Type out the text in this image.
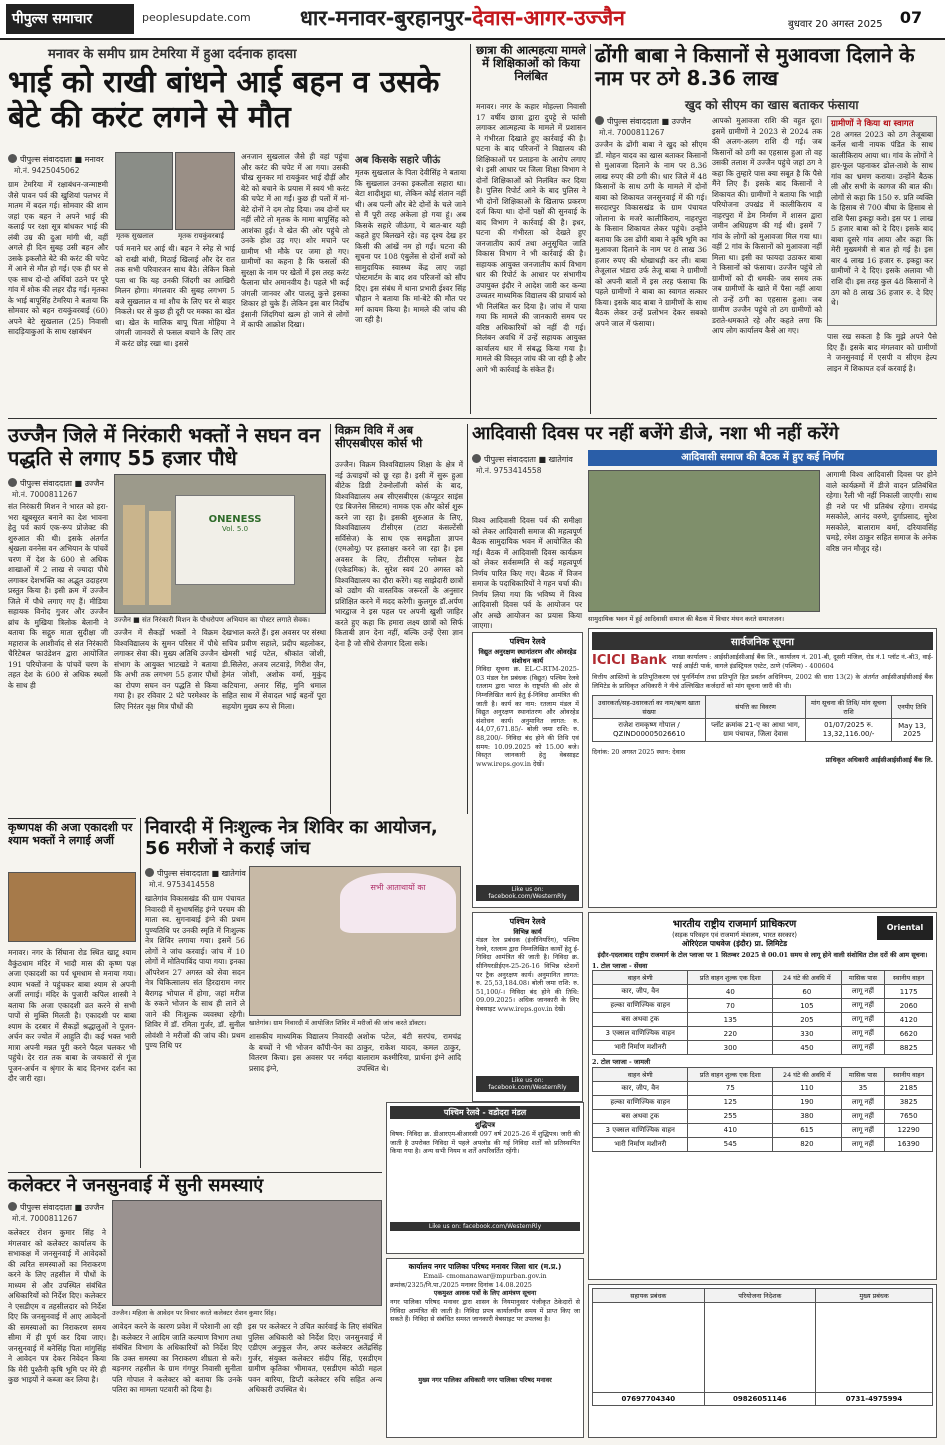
पीपुल्स समाचार	peoplesupdate.com धार-मनावर-बुरहानपुर-देवास-आगर-उज्जैन	बुधवार 20 अगस्त 2025 07
मनावर के समीप ग्राम टेमरिया में हुआ दर्दनाक हादसा
भाई को राखी बांधने आई बहन व उसके बेटे की करंट लगने से मौत
पीपुल्स संवाददाता ■ मनावर
मो.नं. 9425045062
ग्राम टेमरिया में रक्षाबंधन-जन्माष्टमी जैसे पावन पर्व की खुशियां पलभर में मातम में बदल गई। सोमवार की शाम जहां एक बहन ने अपने भाई की कलाई पर रक्षा सूत्र बांधकर भाई की लंबी उम्र की दुआ मांगी थी, वहीं अगले ही दिन सुबह उसी बहन और उसके इकलौते बेटे की करंट की चपेट में आने से मौत हो गई। एक ही घर से एक साथ दो-दो अर्थियां उठने पर पूरे गांव में शोक की लहर दौड़ गई। मृतका के भाई बापूसिंह टेमरिया ने बताया कि सोमवार को बहन रायकुंवरबाई (60) अपने बेटे सुखलाल (25) निवासी सादड़ियाकुआं के साथ रक्षाबंधन
मृतक सुखलाल	मृतक रायकुंवरबाई
पर्व मनाने घर आई थी। बहन ने स्नेह से भाई को राखी बांधी, मिठाई खिलाई और देर रात तक सभी परिवारजन साथ बैठे। लेकिन किसे पता था कि यह उनकी जिंदगी का आखिरी मिलन होगा। मंगलवार की सुबह लगभग 5 बजे सुखलाल व मां शौच के लिए घर से बाहर निकले। घर से कुछ ही दूरी पर मक्का का खेत था। खेत के मालिक बापू पिता मोहिया ने जंगली जानवरों से फसल बचाने के लिए तार में करंट छोड़ रखा था। इससे
अनजान सुखलाल जैसे ही वहां पहुंचा और करंट की चपेट में आ गया। उसकी चीख सुनकर मां रायकुंवर भाई दौड़ीं और बेटे को बचाने के प्रयास में स्वयं भी करंट की चपेट में आ गईं। कुछ ही पलों में मां-बेटे दोनों ने दम तोड़ दिया। जब दोनों घर नहीं लौटे तो मृतक के मामा बापूसिंह को आशंका हुई। वे खेत की ओर पहुंचे तो उनके होश उड़ गए। शोर मचाने पर ग्रामीण भी मौके पर जमा हो गए। ग्रामीणों का कहना है कि फसलों की सुरक्षा के नाम पर खेतों में इस तरह करंट फैलाना घोर अमानवीय है। पहले भी कई जंगली जानवर और पालतू कुत्ते इसका शिकार हो चुके हैं। लेकिन इस बार निर्दोष इंसानी जिंदगियां खत्म हो जाने से लोगों में काफी आक्रोश दिखा।
अब किसके सहारे जीऊं
मृतक सुखलाल के पिता देवीसिंह ने बताया कि सुखलाल उनका इकलौता सहारा था। बेटा शादीशुदा था, लेकिन कोई संतान नहीं थी। अब पत्नी और बेटे दोनों के चले जाने से मैं पूरी तरह अकेला हो गया हूं। अब किसके सहारे जीऊंगा, ये बात-बार यही कहते हुए बिलखने रहे। वह दृश्य देख हर किसी की आंखें नम हो गईं। घटना की सूचना पर 108 एंबुलेंस से दोनों शवों को सामुदायिक स्वास्थ्य केंद्र लाए जहां पोस्टमार्टम के बाद शव परिजनों को सौंप दिए। इस संबंध में थाना प्रभारी ईश्वर सिंह चौहान ने बताया कि मां-बेटे की मौत पर मर्ग कायम किया है। मामले की जांच की जा रही है।
छात्रा की आत्महत्या मामले में शिक्षिकाओं को किया निलंबित
मनावर। नगर के कहार मोहल्ला निवासी 17 वर्षीय छात्रा द्वारा दुपट्टे से फांसी लगाकर आत्महत्या के मामले में प्रशासन ने गंभीरता दिखाते हुए कार्रवाई की है। घटना के बाद परिजनों ने विद्यालय की शिक्षिकाओं पर प्रताड़ना के आरोप लगाए थे। इसी आधार पर जिला शिक्षा विभाग ने दोनों शिक्षिकाओं को निलंबित कर दिया है। पुलिस रिपोर्ट आने के बाद पुलिस ने भी दोनों शिक्षिकाओं के खिलाफ प्रकरण दर्ज किया था। दोनों पक्षों की सुनवाई के बाद विभाग ने कार्रवाई की है। इधर, घटना की गंभीरता को देखते हुए जनजातीय कार्य तथा अनुसूचित जाति विकास विभाग ने भी कार्रवाई की है। सहायक आयुक्त जनजातीय कार्य विभाग धार की रिपोर्ट के आधार पर संभागीय उपायुक्त इंदौर ने आदेश जारी कर कन्या उच्चतर माध्यमिक विद्यालय की प्राचार्य को भी निलंबित कर दिया है। जांच में पाया गया कि मामले की जानकारी समय पर वरिष्ठ अधिकारियों को नहीं दी गई। निलंबन अवधि में उन्हें सहायक आयुक्त कार्यालय धार में संबद्ध किया गया है। मामले की विस्तृत जांच की जा रही है और आगे भी कार्रवाई के संकेत हैं।
ढोंगी बाबा ने किसानों से मुआवजा दिलाने के नाम पर ठगे 8.36 लाख
खुद को सीएम का खास बताकर फंसाया
पीपुल्स संवाददाता ■ उज्जैन
मो.नं. 7000811267
उज्जैन के ढोंगी बाबा ने खुद को सीएम डॉ. मोहन यादव का खास बताकर किसानों से मुआवजा दिलाने के नाम पर 8.36 लाख रुपए की ठगी की। धार जिले में 48 किसानों के साथ ठगी के मामले में दोनों बाबा को शिकायत जनसुनवाई में की गई। सरदारपुर विकासखंड के ग्राम पंचायत जोलाना के मजरे कालीकिराय, नाहरपुरा के किसान शिकायत लेकर पहुंचे। उन्होंने बताया कि उस ढोंगी बाबा ने कृषि भूमि का मुआवजा दिलाने के नाम पर 8 लाख 36 हजार रुपए की धोखाधड़ी कर ली। बाबा तेजूलाल भंडारा उर्फ तेजू बाबा ने ग्रामीणों को अपनी बातों में इस तरह फंसाया कि पहले ग्रामीणों ने बाबा का स्वागत सत्कार किया। इसके बाद बाबा ने ग्रामीणों के साथ बैठक लेकर उन्हें प्रलोभन देकर सबको अपने जाल में फंसाया।
आपको मुआवजा राशि की वहुत दूरा। इसमें ग्रामीणों ने 2023 से 2024 तक की अलग-अलग राशि दी गई। जब किसानों को ठगी का एहसास हुआ तो वह उसकी तलाश में उज्जैन पहुंचे जहां ठग ने कहा कि तुम्हारे पास क्या सबूत है कि पैसे मैंने लिए हैं। इसके बाद किसानों ने शिकायत की। ग्रामीणों ने बताया कि भाड़ी परियोजना उपखंड में कालीकिराय व नाहरपुरा में डेम निर्माण में शासन द्वारा जमीन अधिग्रहण की गई थी। इसमें 7 गांव के लोगों को मुआवजा मिल गया था। वहीं 2 गांव के किसानों को मुआवजा नहीं मिला था। इसी का फायदा उठाकर बाबा ने किसानों को फंसाया। उज्जैन पहुंचे तो ग्रामीणों को दी धमकी- जब समय तक जब ग्रामीणों के खाते में पैसा नहीं आया तो उन्हें ठगी का एहसास हुआ। जब ग्रामीण उज्जैन पहुंचे तो ठग ग्रामीणों को डराते-धमकाते रहे और कहते लगा कि आप लोग कार्यालय कैसे आ गए।
ग्रामीणों ने किया था स्वागत
28 अगस्त 2023 को ठग तेजूबाबा कर्नेल थानी नायक पंडित के साथ कालीकिराय आया था। गांव के लोगों ने हार-फूल पहनाकर ढोल-ताशे के साथ गांव का भ्रमण कराया। उन्होंने बैठक ली और सभी के कागज की बात की। लोगों से कहा कि 150 रु. प्रति व्यक्ति के हिसाब से 700 बीघा के हिसाब से राशि पैसा इकट्ठा करो। इस पर 1 लाख 5 हजार बाबा को दे दिए। इसके बाद बाबा दूसरे गांव आया और कहा कि मेरी मुख्यमंत्री से बात हो गई है। इस बार 4 लाख 16 हजार रु. इकट्ठा कर ग्रामीणों ने दे दिए। इसके अलावा भी राशि दी। इस तरह कुल 48 किसानों ने ठग को 8 लाख 36 हजार रु. दे दिए थे।
पास रख सकता है कि मुझे अपने पैसे दिए हैं। इसके बाद मंगलवार को ग्रामीणों ने जनसुनवाई में एसपी व सीएम हेल्प लाइन में शिकायत दर्ज करवाई है।
उज्जैन जिले में निरंकारी भक्तों ने सघन वन पद्धति से लगाए 55 हजार पौधे
पीपुल्स संवाददाता ■ उज्जैन
मो.नं. 7000811267
संत निरंकारी मिशन ने भारत को हरा-भरा खूबसूरत बनाने का देश भावना हेतु पर्व कार्य एक-रूप प्रोजेक्ट की शुरुआत की थी। इसके अंतर्गत श्रृंखला वननेस वन अभियान के पांचवें चरण में देश के 600 से अधिक शाखाओं में 2 लाख से ज्यादा पौधे लगाकर देशभक्ति का अद्भुत उदाहरण प्रस्तुत किया है। इसी क्रम में उज्जैन जिले में पौधे लगाए गए हैं। मीडिया सहायक विनोद गुजर और उज्जैन ब्रांच के मुखिया त्रिलोक बेलानी ने बताया कि सद्गुरु माता सुदीक्षा जी महाराज के आशीर्वाद से संत निरंकारी चैरिटेबल फाउंडेशन द्वारा आयोजित 191 परियोजना के पांचवें चरण के तहत देश के 600 से अधिक स्थलों के साथ ही
ONENESS
Vol. 5.0
उज्जैन ■ संत निरंकारी मिशन के पौधरोपण अभियान का पोस्टर लगाते सेवक।
उज्जैन में सैकड़ों भक्तों ने विक्रम विश्वविद्यालय के सुमन परिसर में पौधे लगाकर सेवा की। मुख्य अतिथि उज्जैन संभाग के आयुक्त भाटखडे ने बताया कि अभी तक लगभग 55 हजार पौधों का रोपण सघन वन पद्धति से किया गया है। हर रविवार 2 घंटे परमेश्वर के लिए निरंतर वृक्ष मित्र पौधों की
देखभाल करते हैं। इस अवसर पर संस्था सचिव प्रवीण सहाले, प्रदीप बहलोकर, खेमसी भाई पटेल, श्रीकांत जोशी, डी.सिलेरा, अजय लटवाड़े, गिरीश जैन, हेमंत जोशी, अशोक वर्मा, मुकुंद कटियाना, अनार सिंह, मुनि धमाल सहित साथ में सेवादल भाई बहनों पूरा सहयोग मुख्य रूप से मिला।
विक्रम विवि में अब सीएसबीएस कोर्स भी
उज्जैन। विक्रम विश्वविद्यालय शिक्षा के क्षेत्र में नई ऊंचाइयों को छू रहा है। इसी में सुरू हुआ बीटेक डिग्री टेक्नोलॉजी कोर्स के बाद, विश्वविद्यालय अब सीएसबीएस (कंप्यूटर साइंस एंड बिजनेस सिस्टम) नामक एक और कोर्स शुरू करने जा रहा है। इसकी शुरुआत के लिए, विश्वविद्यालय टीसीएस (टाटा कंसल्टेंसी सर्विसेज) के साथ एक समझौता ज्ञापन (एमओयू) पर हस्ताक्षर करने जा रहा है। इस अवसर के लिए, टीसीएस ग्लोबल हेड (एकेडमिक) के. सुरेश स्वयं 20 अगस्त को विश्वविद्यालय का दौरा करेंगे। यह साझेदारी छात्रों को उद्योग की वास्तविक जरूरतों के अनुसार प्रशिक्षित करने में मदद करेगी। कुलगुरु डॉ.अर्पण भारद्वाज ने इस पहल पर अपनी खुशी जाहिर करते हुए कहा कि हमारा लक्ष्य छात्रों को सिर्फ किताबी ज्ञान देना नहीं, बल्कि उन्हें ऐसा ज्ञान देना है जो सीधे रोजगार दिला सके।
आदिवासी दिवस पर नहीं बजेंगे डीजे, नशा भी नहीं करेंगे
आदिवासी समाज की बैठक में हुए कई निर्णय
पीपुल्स संवाददाता ■ खातेगांव
मो.नं. 9753414558
विश्व आदिवासी दिवस पर्व की समीक्षा को लेकर आदिवासी समाज की महत्वपूर्ण बैठक सामुदायिक भवन में आयोजित की गई। बैठक में आदिवासी दिवस कार्यक्रम को लेकर सर्वसम्मति से कई महत्वपूर्ण निर्णय पारित किए गए। बैठक में विजन समाज के पदाधिकारियों ने गहन चर्चा की। निर्णय लिया गया कि भविष्य में विश्व आदिवासी दिवस पर्व के आयोजन पर और अच्छे आयोजन का प्रयास किया जाएगा।
सामुदायिक भवन में हुई आदिवासी समाज की बैठक में विचार मंथन करते समाजजन।
आगामी विश्व आदिवासी दिवस पर होने वाले कार्यक्रमों में डीजे वादन प्रतिबंधित रहेगा। रैली भी नहीं निकाली जाएगी। साथ ही नशे पर भी प्रतिबंध रहेगा। रामचंद्र मसकोले, आनंद वरुणे, दुर्गाप्रसाद, सुरेश मसकोले, बालाराम बर्मा, दरियावसिंह चमड़े, रमेश ठाकुर सहित समाज के अनेक वरिष्ठ जन मौजूद रहे।
कृष्णपक्ष की अजा एकादशी पर श्याम भक्तों ने लगाई अर्जी
मनावर। नगर के सिंघाना रोड स्थित खाटू श्याम वैकुंठधाम मंदिर में भादौ मास की कृष्ण पक्ष अजा एकादशी का पर्व धूमधाम से मनाया गया। श्याम भक्तों ने पहुंचकर बाबा श्याम से अपनी अर्जी लगाई। मंदिर के पुजारी कपिल शास्त्री ने बताया कि अजा एकादशी व्रत करने से सभी पापों से मुक्ति मिलती है। एकादशी पर बाबा श्याम के दरबार में सैकड़ों श्रद्धालुओं ने पूजन-अर्चन कर ज्योत में आहुति दी। कई भक्त भारी मात्रा अपनी मन्नत पूरी करने पैदल चलकर भी पहुंचे। देर रात तक बाबा के जयकारों से गूंज पूजन-अर्चन व श्रृंगार के बाद दिनभर दर्शन का दौर जारी रहा।
निवारदी में निःशुल्क नेत्र शिविर का आयोजन, 56 मरीजों ने कराई जांच
पीपुल्स संवाददाता ■ खातेगांव
मो.नं. 9753414558
खातेगांव विकासखंड की ग्राम पंचायत निवारदी में सुभाषसिंह इंग्ने परचम की माता स्व. सुगनाबाई इंग्ने की प्रथम पुण्यतिथि पर उनकी स्मृति में निःशुल्क नेत्र शिविर लगाया गया। इसमें 56 लोगों ने जांच करवाई। जांच में 10 लोगों में मोतियाबिंद पाया गया। इनका ऑपरेशन 27 अगस्त को सेवा सदन नेत्र चिकित्सालय संत हिरदाराम नगर बैरागढ़ भोपाल में होगा, जहां मरीज के रुकने भोजन के साथ ही लाने ले जाने की निःशुल्क व्यवस्था रहेगी। शिविर में डॉ. रमिता गुर्जर, डॉ. सुनील लोवंशी ने मरीजों की जांच की। प्रथम पुण्य तिथि पर
सभी आताथायों का
खातेगांव। ग्राम निवारदी में आयोजित शिविर में मरीजों की जांच करते डॉक्टर।
शासकीय माध्यमिक विद्यालय निवारदी के बच्चों ने भी भोजन कॉपी-पेन का वितरण किया। इस अवसर पर नर्मदा प्रसाद इंग्ने,
अशोक पटेल, बंटी सरपंच, रामचंद्र ठाकुर, राकेश यादव, कमल ठाकुर, बालाराम कश्मीरिया, प्रार्थना इंग्ने आदि उपस्थित थे।
पश्चिम रेलवे
विद्युत अनुरक्षण स्थानांतरण और ओवरहेड संशोधन कार्य
निविदा सूचना क्र. EL-C-RTM-2025-03 मंडल रेल प्रबंधक (विद्युत) पश्चिम रेलवे रतलाम द्वारा भारत के राष्ट्रपति की ओर से निम्नलिखित कार्य हेतु ई-निविदा आमंत्रित की जाती है। कार्य का नाम: रतलाम मंडल में विद्युत अनुरक्षण स्थानांतरण और ओवरहेड संशोधन कार्य। अनुमानित लागत: रु. 44,07,671.85/- बोली जमा राशि: रु. 88,200/- निविदा बंद होने की तिथि एवं समय: 10.09.2025 को 15.00 बजे। विस्तृत जानकारी हेतु वेबसाइट www.ireps.gov.in देखें।
Like us on: facebook.com/WesternRly
पश्चिम रेलवे
विभिन्न कार्य
मंडल रेल प्रबंधक (इंजीनियरिंग), पश्चिम रेलवे, रतलाम द्वारा निम्नलिखित कार्यों हेतु ई-निविदा आमंत्रित की जाती है। निविदा क्र. सीनियरडीईएन-25-26-16 विभिन्न स्टेशनों पर ट्रैक अनुरक्षण कार्य। अनुमानित लागत: रु. 25,53,184.08। बोली जमा राशि: रु. 51,100/-। निविदा बंद होने की तिथि: 09.09.2025। अधिक जानकारी के लिए वेबसाइट www.ireps.gov.in देखें।
Like us on: facebook.com/WesternRly
सार्वजनिक सूचना
ICICI Bank शाखा कार्यालय : आईसीआईसीआई बैंक लि., कार्यालय नं. 201-बी, दूसरी मंजिल, रोड नं.1 प्लॉट नं.-बी3, वाई-फाई आईटी पार्क, वागले इंडस्ट्रियल एस्टेट, ठाणे (पश्चिम) - 400604
वित्तीय आस्तियों के प्रतिभूतिकरण एवं पुनर्निर्माण तथा प्रतिभूति हित प्रवर्तन अधिनियम, 2002 की धारा 13(2) के अंतर्गत आईसीआईसीआई बैंक लिमिटेड के प्राधिकृत अधिकारी ने नीचे उल्लिखित कर्जदारों को मांग सूचना जारी की थी।
उधारकर्ता/सह-उधारकर्ता का नाम/ऋण खाता संख्या	संपत्ति का विवरण	मांग सूचना की तिथि/ मांग सूचना राशि	एनपीए तिथि
राजेश रामकृष्ण गोपाल / QZIND00005026610	प्लॉट क्रमांक 21-ए का आधा भाग, ग्राम पंचायत, जिला देवास	01/07/2025 रु. 13,32,116.00/-	May 13, 2025
दिनांक: 20 अगस्त 2025 स्थान: देवास
प्राधिकृत अधिकारी आईसीआईसीआई बैंक लि.
भारतीय राष्ट्रीय राजमार्ग प्राधिकरण
(सड़क परिवहन एवं राजमार्ग मंत्रालय, भारत सरकार)
ओरिएंटल पाथवेज (इंदौर) प्रा. लिमिटेड
Oriental
इंदौर-एदलाबाद राष्ट्रीय राजमार्ग के टोल प्लाजा पर 1 सितम्बर 2025 से 00.01 समय से लागू होने वाली संशोधित टोल दरों की आम सूचना।
1. टोल प्लाजा - सेंधवा
वाहन श्रेणी	प्रति वाहन शुल्क एक दिशा	24 घंटे की अवधि में	मासिक पास	स्थानीय वाहन
कार, जीप, वैन	40	60	लागू नहीं	1175
हल्का वाणिज्यिक वाहन	70	105	लागू नहीं	2060
बस अथवा ट्रक	135	205	लागू नहीं	4120
3 एक्सल वाणिज्यिक वाहन	220	330	लागू नहीं	6620
भारी निर्माण मशीनरी	300	450	लागू नहीं	8825
2. टोल प्लाजा - जामली
वाहन श्रेणी	प्रति वाहन शुल्क एक दिशा	24 घंटे की अवधि में	मासिक पास	स्थानीय वाहन
कार, जीप, वैन	75	110	35	2185
हल्का वाणिज्यिक वाहन	125	190	लागू नहीं	3825
बस अथवा ट्रक	255	380	लागू नहीं	7650
3 एक्सल वाणिज्यिक वाहन	410	615	लागू नहीं	12290
भारी निर्माण मशीनरी	545	820	लागू नहीं	16390
पश्चिम रेलवे - वडोदरा मंडल
शुद्धिपत्र
विषय: निविदा क्र. डीआरएम-बीआरसी 097 वर्ष 2025-26 में शुद्धिपत्र। जारी की जाती है उपरोक्त निविदा में पहले अपलोड की गई निविदा शर्तों को प्रतिस्थापित किया गया है। अन्य सभी नियम व शर्तें अपरिवर्तित रहेंगी।
Like us on: facebook.com/WesternRly
कलेक्टर ने जनसुनवाई में सुनी समस्याएं
पीपुल्स संवाददाता ■ उज्जैन
मो.नं. 7000811267
कलेक्टर रोशन कुमार सिंह ने मंगलवार को कलेक्टर कार्यालय के सभाकक्ष में जनसुनवाई में आवेदकों की त्वरित समस्याओं का निराकरण करने के लिए तहसील में पौधों के माध्यम से और उपस्थित संबंधित अधिकारियों को निर्देश दिए। कलेक्टर ने एसडीएम व तहसीलदार को निर्देश दिए कि जनसुनवाई में आए आवेदनों की समस्याओं का निराकरण समय सीमा में ही पूर्ण कर दिया जाए। जनसुनवाई में बनेसिंह पिता मांगुसिंह ने आवेदन पत्र देकर निवेदन किया कि मेरी पुश्तैनी कृषि भूमि पर मेरे ही कुछ भाइयों ने कब्जा कर लिया है।
उज्जैन। महिला के आवेदन पर विचार करते कलेक्टर रोशन कुमार सिंह।
आवेदन करने के कारण प्रवेश में परेशानी आ रही है। कलेक्टर ने आदिम जाति कल्याण विभाग तथा संबंधित विभाग के अधिकारियों को निर्देश दिए कि उक्त समस्या का निराकरण शीघ्रता से करें। बड़नगर तहसील के ग्राम गंगपुर निवासी सुनीता पति गोपाल ने कलेक्टर को बताया कि उनके पतिरा का मामला पटवारी को दिया है।
इस पर कलेक्टर ने उचित कार्रवाई के लिए संबंधित पुलिस अधिकारी को निर्देश दिए। जनसुनवाई में एडीएम अनुकूल जैन, अपर कलेक्टर अतेंद्रसिंह गुर्जर, संयुक्त कलेक्टर संदीप सिंह, एसडीएम ग्रामीण कृतिका भीमावत, एसडीएम कोठी महल पवन बारिया, डिप्टी कलेक्टर रुचि सहित अन्य अधिकारी उपस्थित थे।
कार्यालय नगर पालिका परिषद मनावर जिला धार (म.प्र.)
Email- cmomanawar@mpurban.gov.in
क्रमांक/2325/नि.पा./2025 मनावर दिनांक 14.08.2025
एकमुश्त आवक पत्रों के लिए आमंत्रण सूचना
नगर पालिका परिषद मनावर द्वारा शासन के नियमानुसार पंजीकृत ठेकेदारों से निविदा आमंत्रित की जाती है। निविदा प्रपत्र कार्यालयीन समय में प्राप्त किए जा सकते हैं। निविदा से संबंधित समस्त जानकारी वेबसाइट पर उपलब्ध है।
मुख्य नगर पालिका अधिकारी नगर पालिका परिषद मनावर
सहायक प्रबंधक	परियोजना निदेशक	मुख्य प्रबंधक

07697704340	09826051146	0731-4975994
